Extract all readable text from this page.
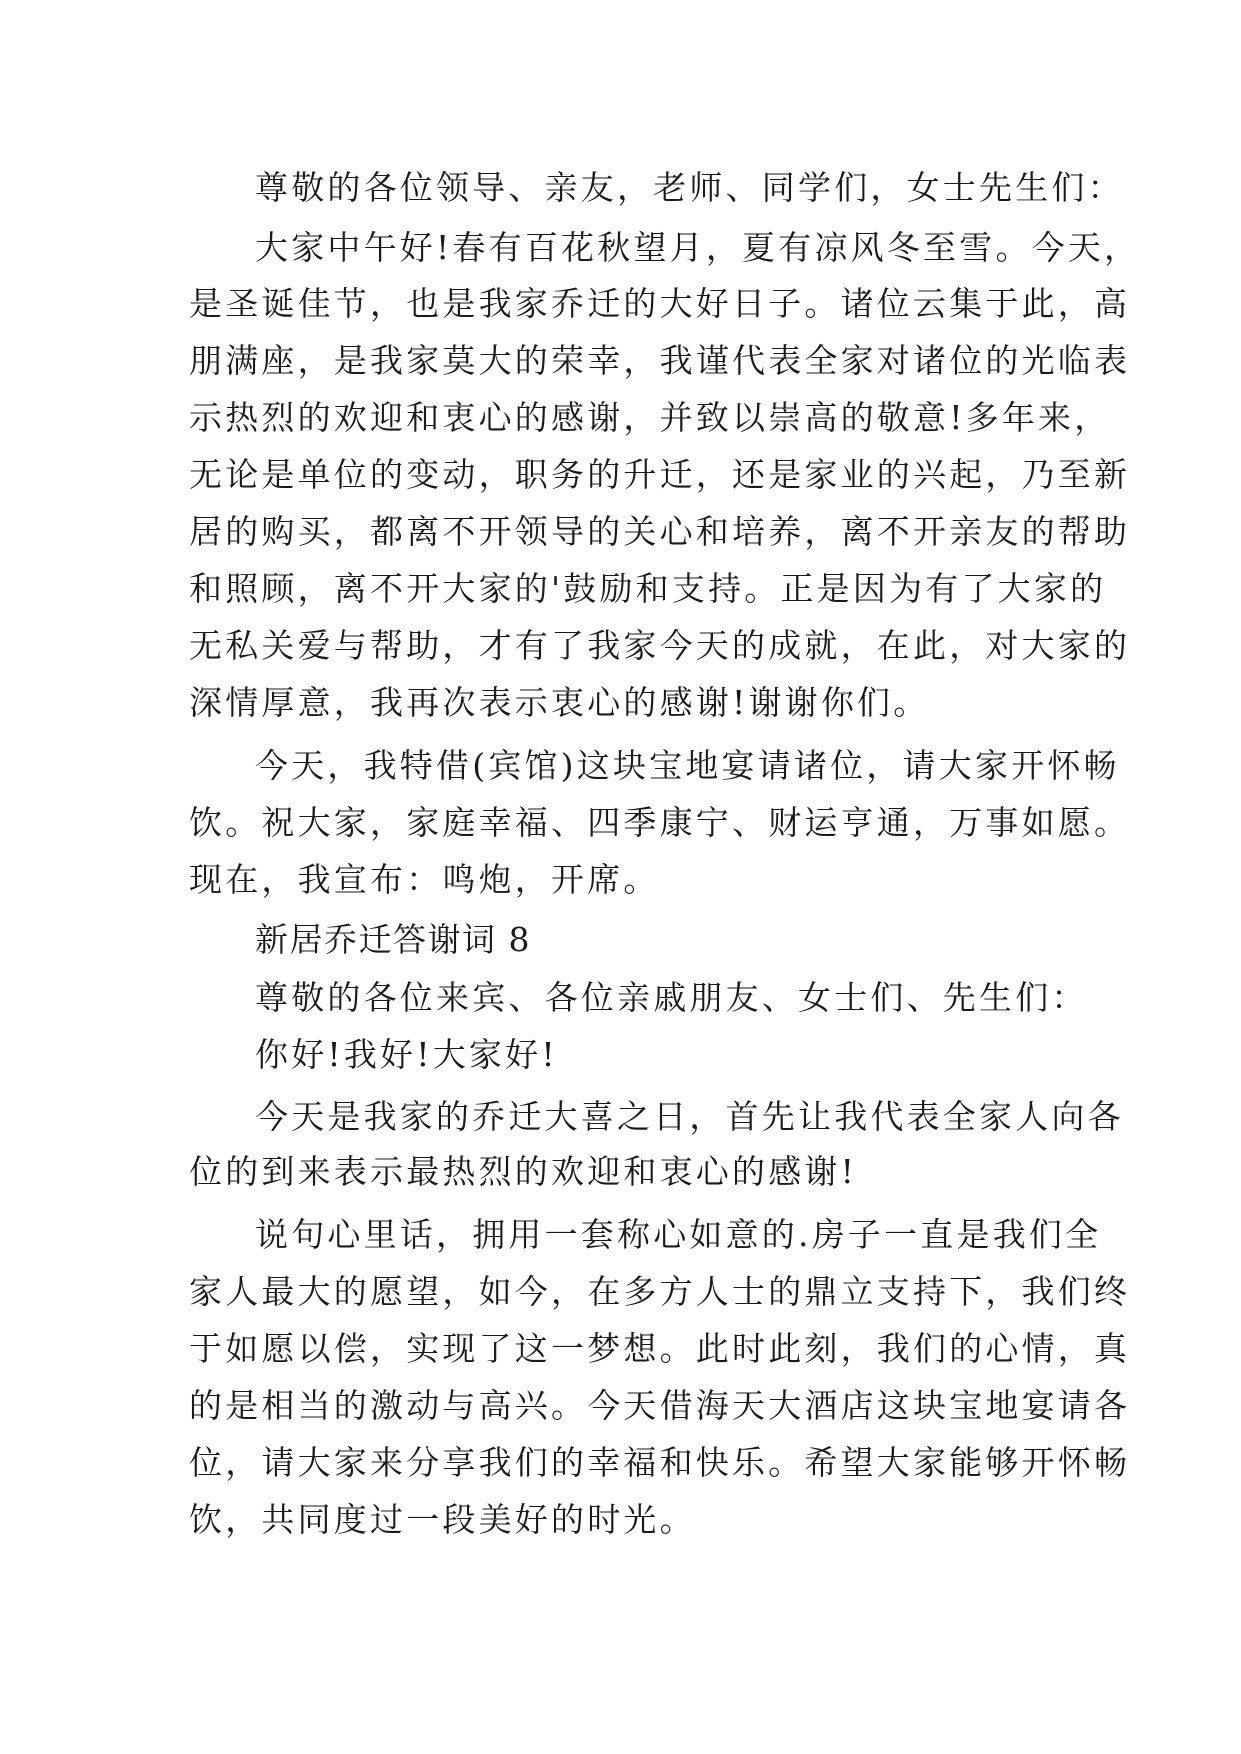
尊敬的各位领导、亲友，老师、同学们，女士先生们：
大家中午好!春有百花秋望月，夏有凉风冬至雪。今天，
是圣诞佳节，也是我家乔迁的大好日子。诸位云集于此，高
朋满座，是我家莫大的荣幸，我谨代表全家对诸位的光临表
示热烈的欢迎和衷心的感谢，并致以崇高的敬意!多年来，
无论是单位的变动，职务的升迁，还是家业的兴起，乃至新
居的购买，都离不开领导的关心和培养，离不开亲友的帮助
和照顾，离不开大家的'鼓励和支持。正是因为有了大家的
无私关爱与帮助，才有了我家今天的成就，在此，对大家的
深情厚意，我再次表示衷心的感谢!谢谢你们。
今天，我特借(宾馆)这块宝地宴请诸位，请大家开怀畅
饮。祝大家，家庭幸福、四季康宁、财运亨通，万事如愿。
现在，我宣布：鸣炮，开席。
新居乔迁答谢词 8
尊敬的各位来宾、各位亲戚朋友、女士们、先生们：
你好!我好!大家好!
今天是我家的乔迁大喜之日，首先让我代表全家人向各
位的到来表示最热烈的欢迎和衷心的感谢!
说句心里话，拥用一套称心如意的.房子一直是我们全
家人最大的愿望，如今，在多方人士的鼎立支持下，我们终
于如愿以偿，实现了这一梦想。此时此刻，我们的心情，真
的是相当的激动与高兴。今天借海天大酒店这块宝地宴请各
位，请大家来分享我们的幸福和快乐。希望大家能够开怀畅
饮，共同度过一段美好的时光。
